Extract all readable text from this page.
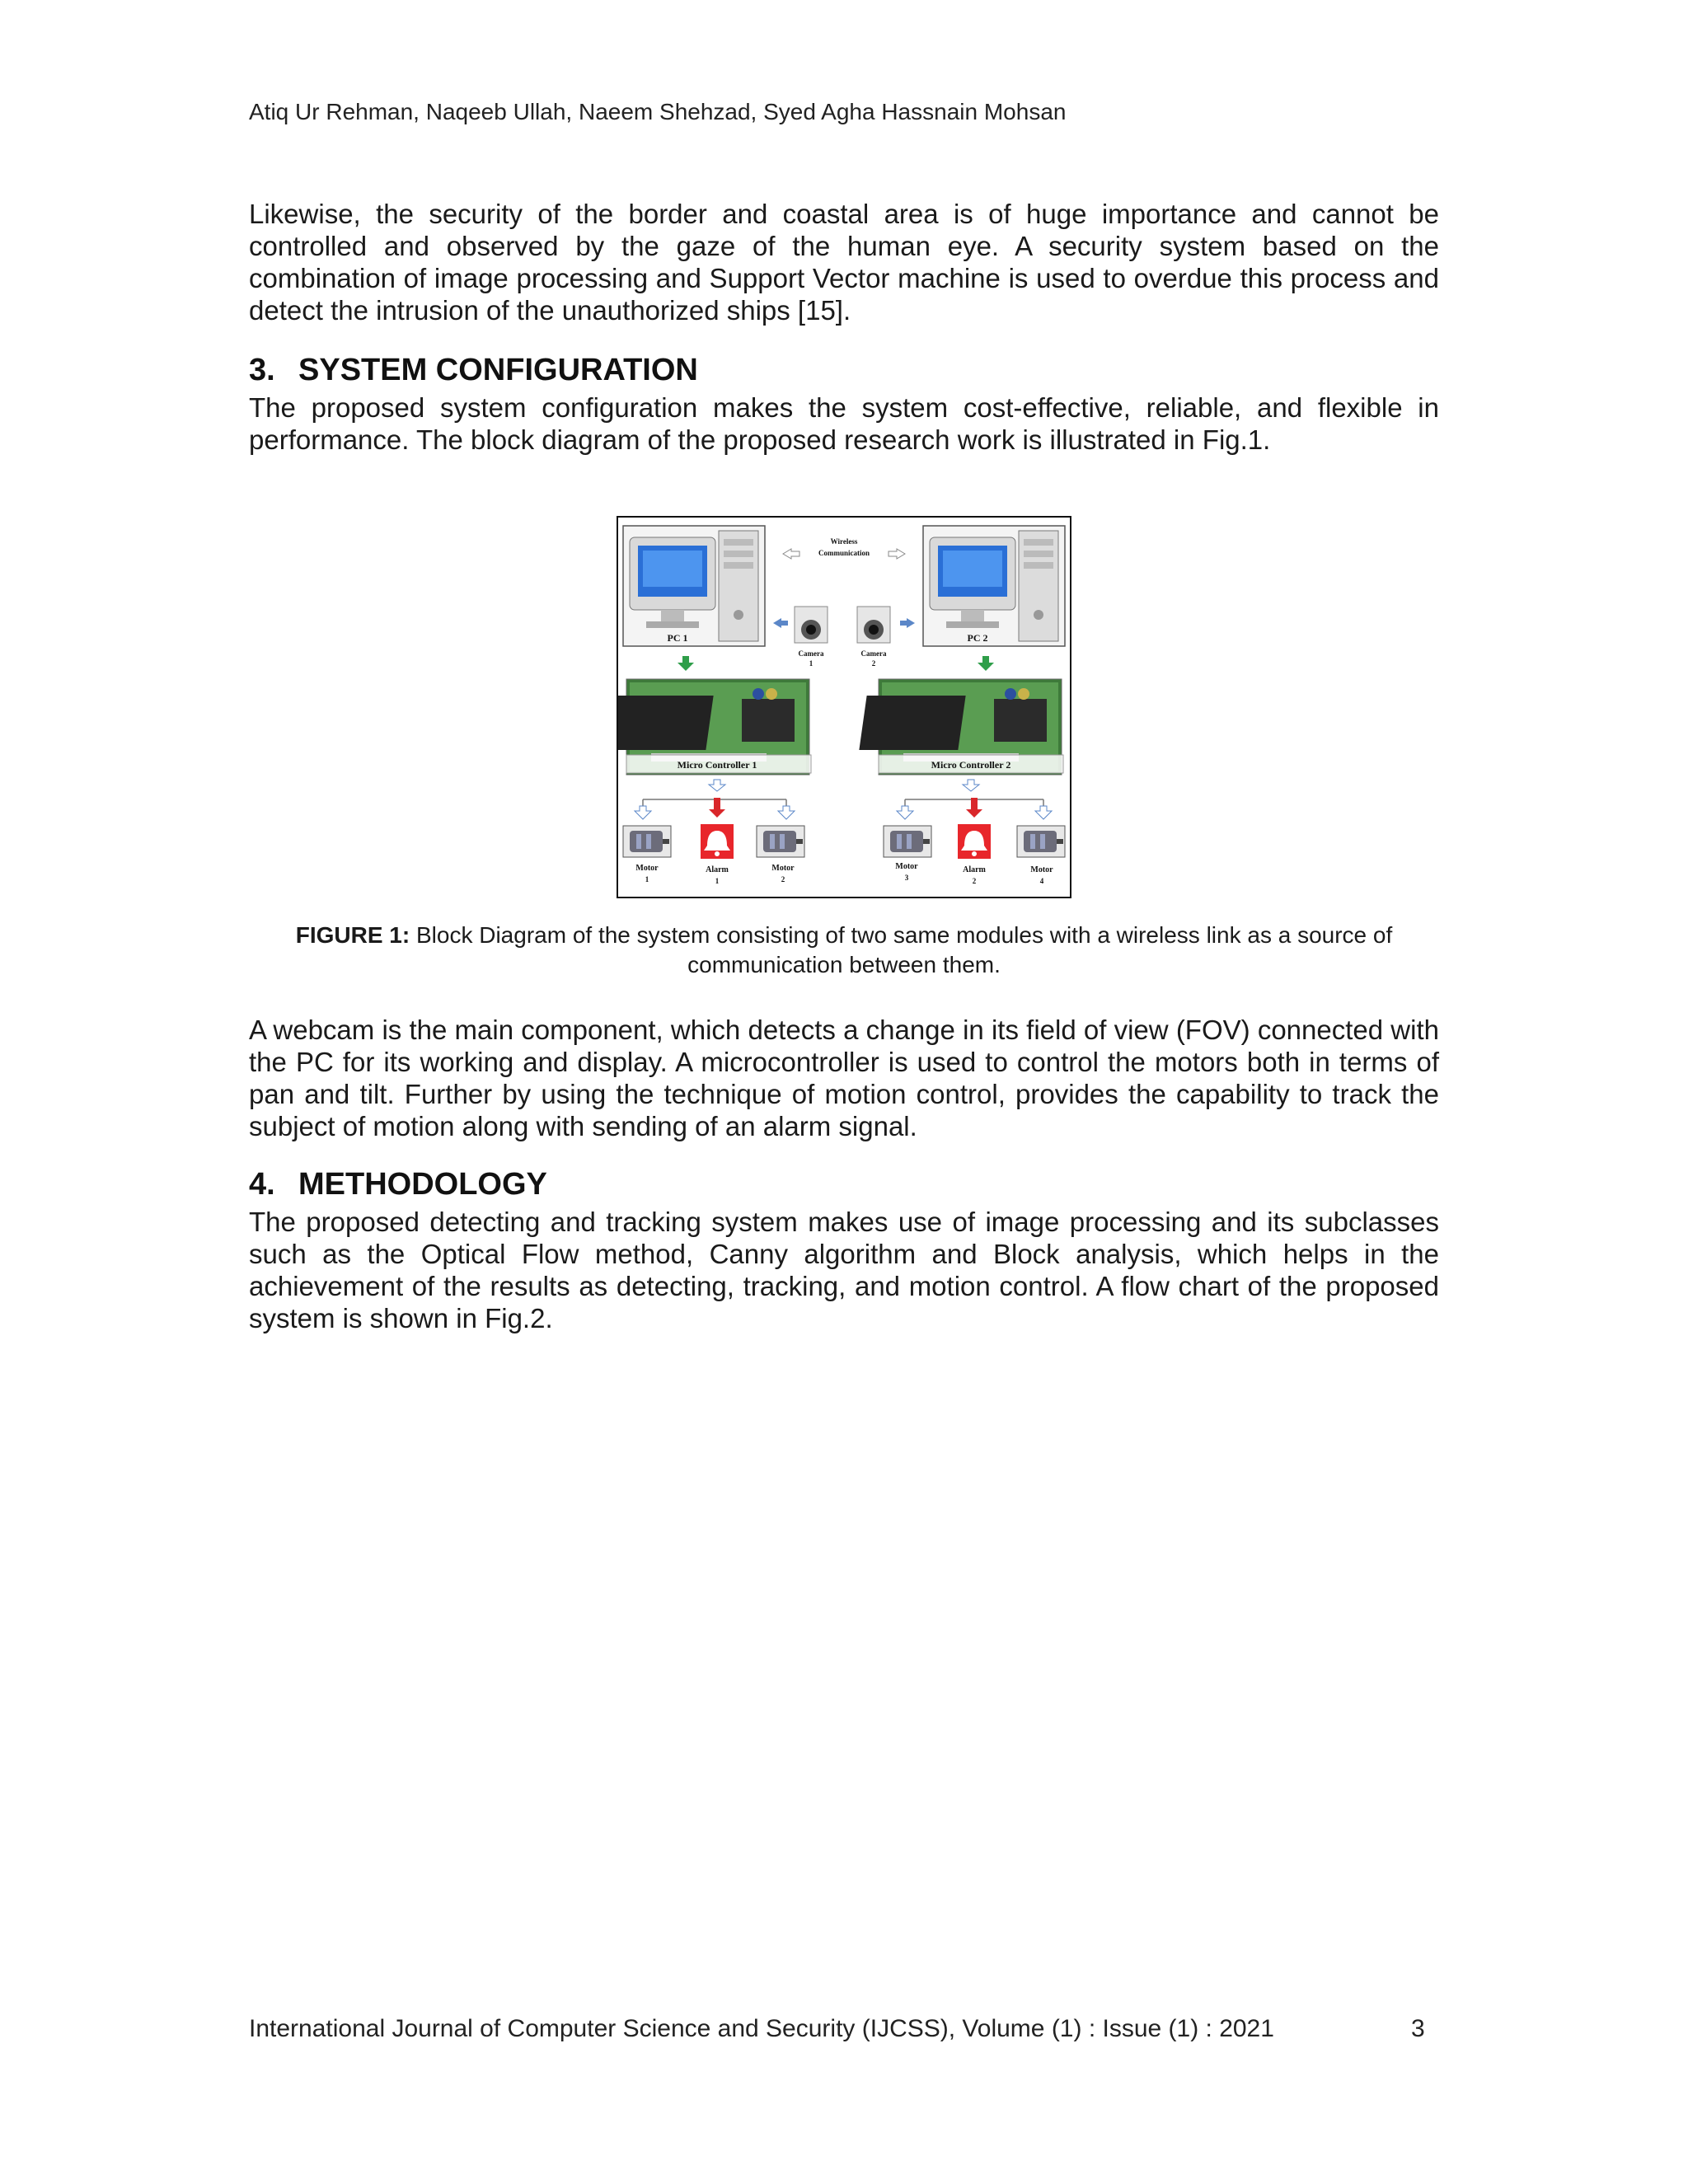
Atiq Ur Rehman, Naqeeb Ullah, Naeem Shehzad, Syed Agha Hassnain Mohsan

Likewise, the security of the border and coastal area is of huge importance and cannot be controlled and observed by the gaze of the human eye. A security system based on the combination of image processing and Support Vector machine is used to overdue this process and detect the intrusion of the unauthorized ships [15].

3. SYSTEM CONFIGURATION

The proposed system configuration makes the system cost-effective, reliable, and flexible in performance. The block diagram of the proposed research work is illustrated in Fig.1.

PC 1	PC 2
Wireless
Communication
Camera
1
Camera
2
Micro Controller 1	Micro Controller 2
Motor
1
Alarm
1
Motor
2
Motor
3
Alarm
2
Motor
4

FIGURE 1: Block Diagram of the system consisting of two same modules with a wireless link as a source of communication between them.

A webcam is the main component, which detects a change in its field of view (FOV) connected with the PC for its working and display. A microcontroller is used to control the motors both in terms of pan and tilt. Further by using the technique of motion control, provides the capability to track the subject of motion along with sending of an alarm signal.

4. METHODOLOGY

The proposed detecting and tracking system makes use of image processing and its subclasses such as the Optical Flow method, Canny algorithm and Block analysis, which helps in the achievement of the results as detecting, tracking, and motion control. A flow chart of the proposed system is shown in Fig.2.

International Journal of Computer Science and Security (IJCSS), Volume (1) : Issue (1) : 2021	3
